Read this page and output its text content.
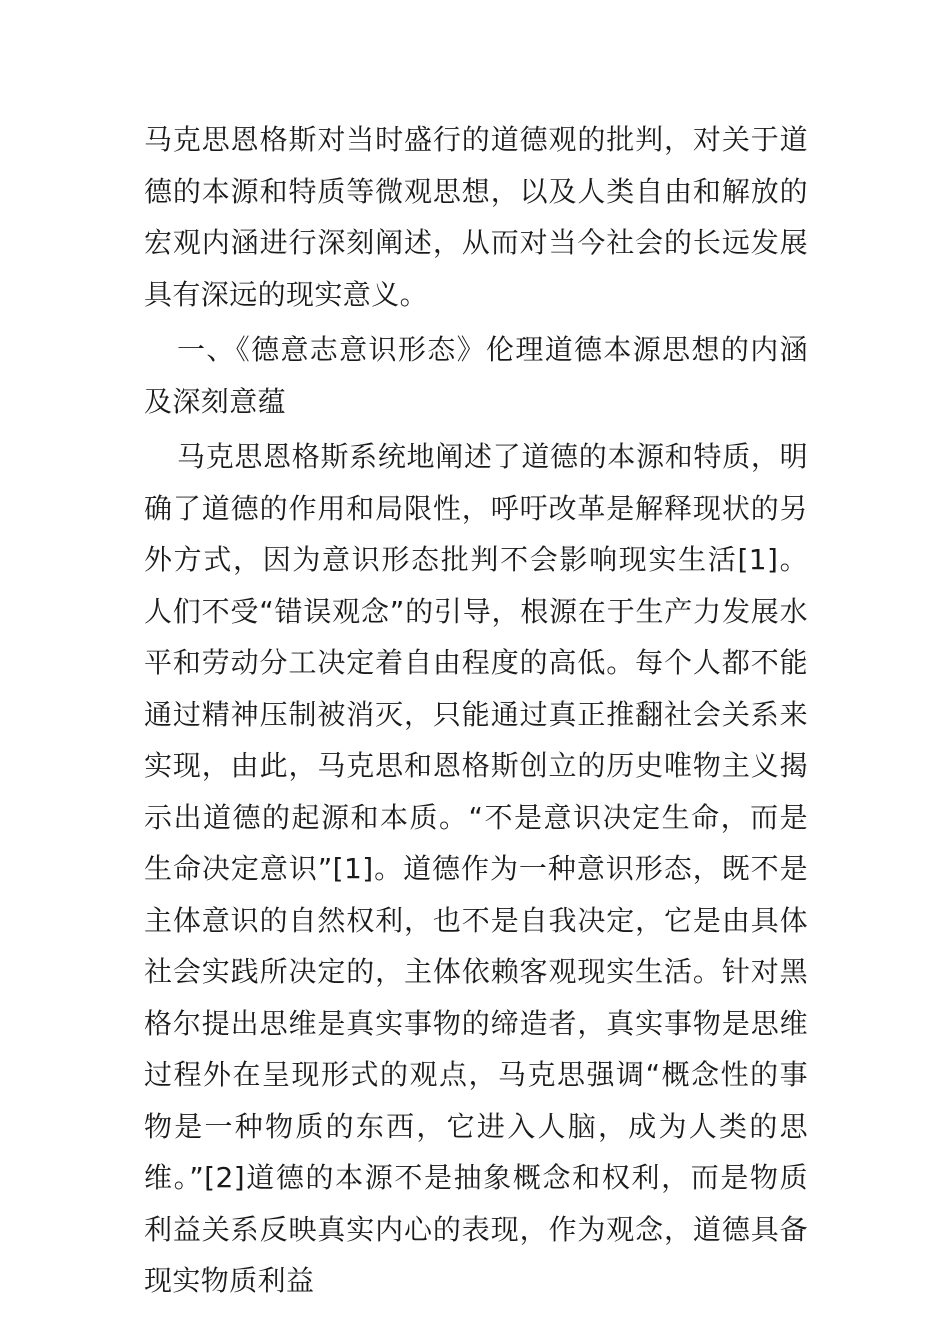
马克思恩格斯对当时盛行的道德观的批判，对关于道德的本源和特质等微观思想，以及人类自由和解放的宏观内涵进行深刻阐述，从而对当今社会的长远发展具有深远的现实意义。

一、《德意志意识形态》伦理道德本源思想的内涵及深刻意蕴

马克思恩格斯系统地阐述了道德的本源和特质，明确了道德的作用和局限性，呼吁改革是解释现状的另外方式，因为意识形态批判不会影响现实生活[1]。人们不受“错误观念”的引导，根源在于生产力发展水平和劳动分工决定着自由程度的高低。每个人都不能通过精神压制被消灭，只能通过真正推翻社会关系来实现，由此，马克思和恩格斯创立的历史唯物主义揭示出道德的起源和本质。“不是意识决定生命，而是生命决定意识”[1]。道德作为一种意识形态，既不是主体意识的自然权利，也不是自我决定，它是由具体社会实践所决定的，主体依赖客观现实生活。针对黑格尔提出思维是真实事物的缔造者，真实事物是思维过程外在呈现形式的观点，马克思强调“概念性的事物是一种物质的东西，它进入人脑，成为人类的思维。”[2]道德的本源不是抽象概念和权利，而是物质利益关系反映真实内心的表现，作为观念，道德具备现实物质利益
